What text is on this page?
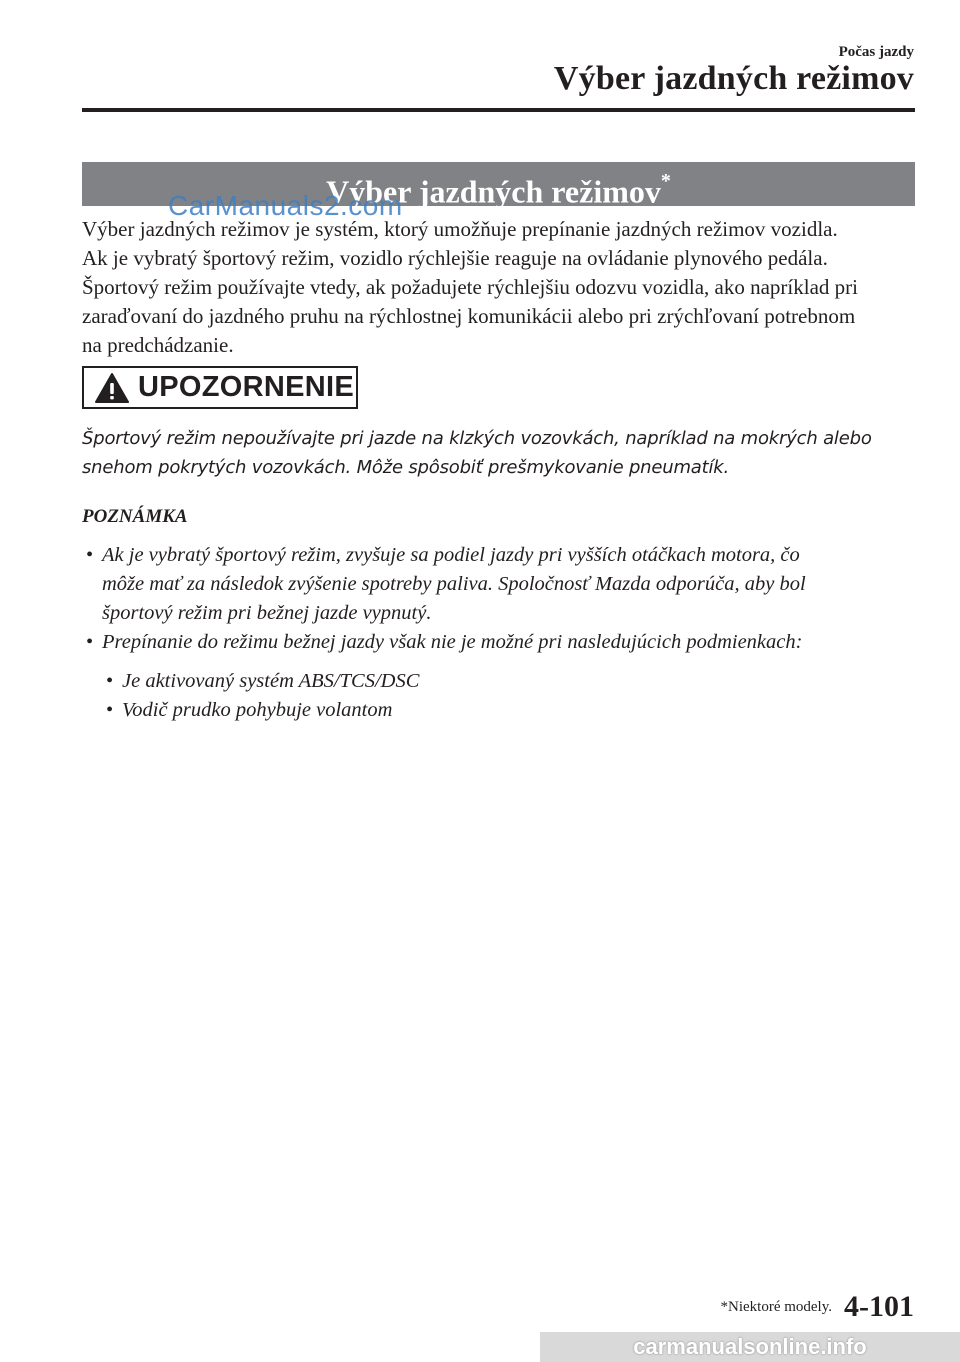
Počas jazdy
Výber jazdných režimov
Výber jazdných režimov*
CarManuals2.com
Výber jazdných režimov je systém, ktorý umožňuje prepínanie jazdných režimov vozidla.
Ak je vybratý športový režim, vozidlo rýchlejšie reaguje na ovládanie plynového pedála.
Športový režim používajte vtedy, ak požadujete rýchlejšiu odozvu vozidla, ako napríklad pri
zaraďovaní do jazdného pruhu na rýchlostnej komunikácii alebo pri zrýchľovaní potrebnom
na predchádzanie.
UPOZORNENIE
Športový režim nepoužívajte pri jazde na klzkých vozovkách, napríklad na mokrých alebo
snehom pokrytých vozovkách. Môže spôsobiť prešmykovanie pneumatík.
POZNÁMKA
• Ak je vybratý športový režim, zvyšuje sa podiel jazdy pri vyšších otáčkach motora, čo
môže mať za následok zvýšenie spotreby paliva. Spoločnosť Mazda odporúča, aby bol
športový režim pri bežnej jazde vypnutý.
• Prepínanie do režimu bežnej jazdy však nie je možné pri nasledujúcich podmienkach:
• Je aktivovaný systém ABS/TCS/DSC
• Vodič prudko pohybuje volantom
*Niektoré modely. 4-101
carmanualsonline.info
